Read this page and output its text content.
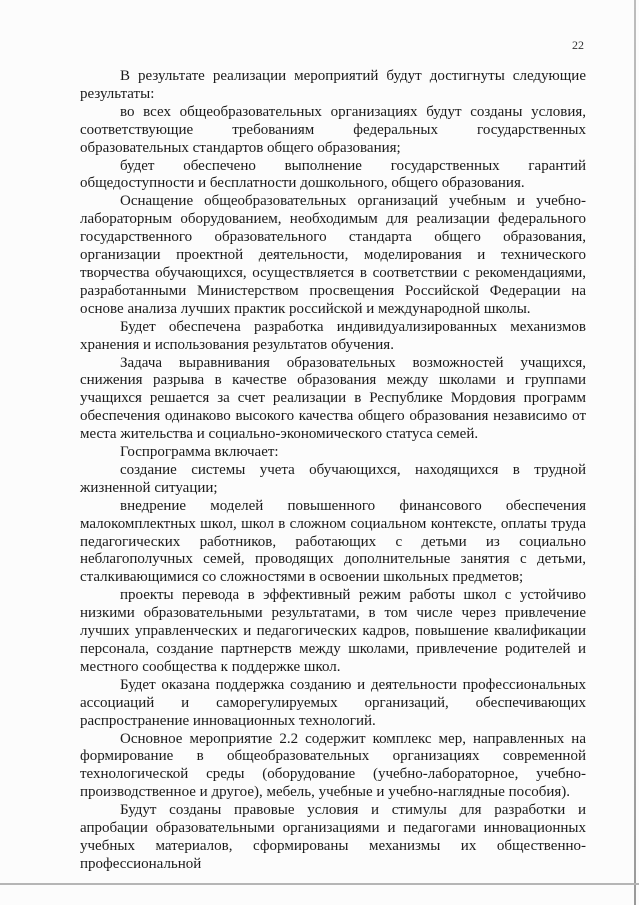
22

В результате реализации мероприятий будут достигнуты следующие результаты:

во всех общеобразовательных организациях будут созданы условия, соответствующие требованиям федеральных государственных образовательных стандартов общего образования;

будет обеспечено выполнение государственных гарантий общедоступности и бесплатности дошкольного, общего образования.

Оснащение общеобразовательных организаций учебным и учебно-лабораторным оборудованием, необходимым для реализации федерального государственного образовательного стандарта общего образования, организации проектной деятельности, моделирования и технического творчества обучающихся, осуществляется в соответствии с рекомендациями, разработанными Министерством просвещения Российской Федерации на основе анализа лучших практик российской и международной школы.

Будет обеспечена разработка индивидуализированных механизмов хранения и использования результатов обучения.

Задача выравнивания образовательных возможностей учащихся, снижения разрыва в качестве образования между школами и группами учащихся решается за счет реализации в Республике Мордовия программ обеспечения одинаково высокого качества общего образования независимо от места жительства и социально-экономического статуса семей.

Госпрограмма включает:

создание системы учета обучающихся, находящихся в трудной жизненной ситуации;

внедрение моделей повышенного финансового обеспечения малокомплектных школ, школ в сложном социальном контексте, оплаты труда педагогических работников, работающих с детьми из социально неблагополучных семей, проводящих дополнительные занятия с детьми, сталкивающимися со сложностями в освоении школьных предметов;

проекты перевода в эффективный режим работы школ с устойчиво низкими образовательными результатами, в том числе через привлечение лучших управленческих и педагогических кадров, повышение квалификации персонала, создание партнерств между школами, привлечение родителей и местного сообщества к поддержке школ.

Будет оказана поддержка созданию и деятельности профессиональных ассоциаций и саморегулируемых организаций, обеспечивающих распространение инновационных технологий.

Основное мероприятие 2.2 содержит комплекс мер, направленных на формирование в общеобразовательных организациях современной технологической среды (оборудование (учебно-лабораторное, учебно-производственное и другое), мебель, учебные и учебно-наглядные пособия).

Будут созданы правовые условия и стимулы для разработки и апробации образовательными организациями и педагогами инновационных учебных материалов, сформированы механизмы их общественно-профессиональной
